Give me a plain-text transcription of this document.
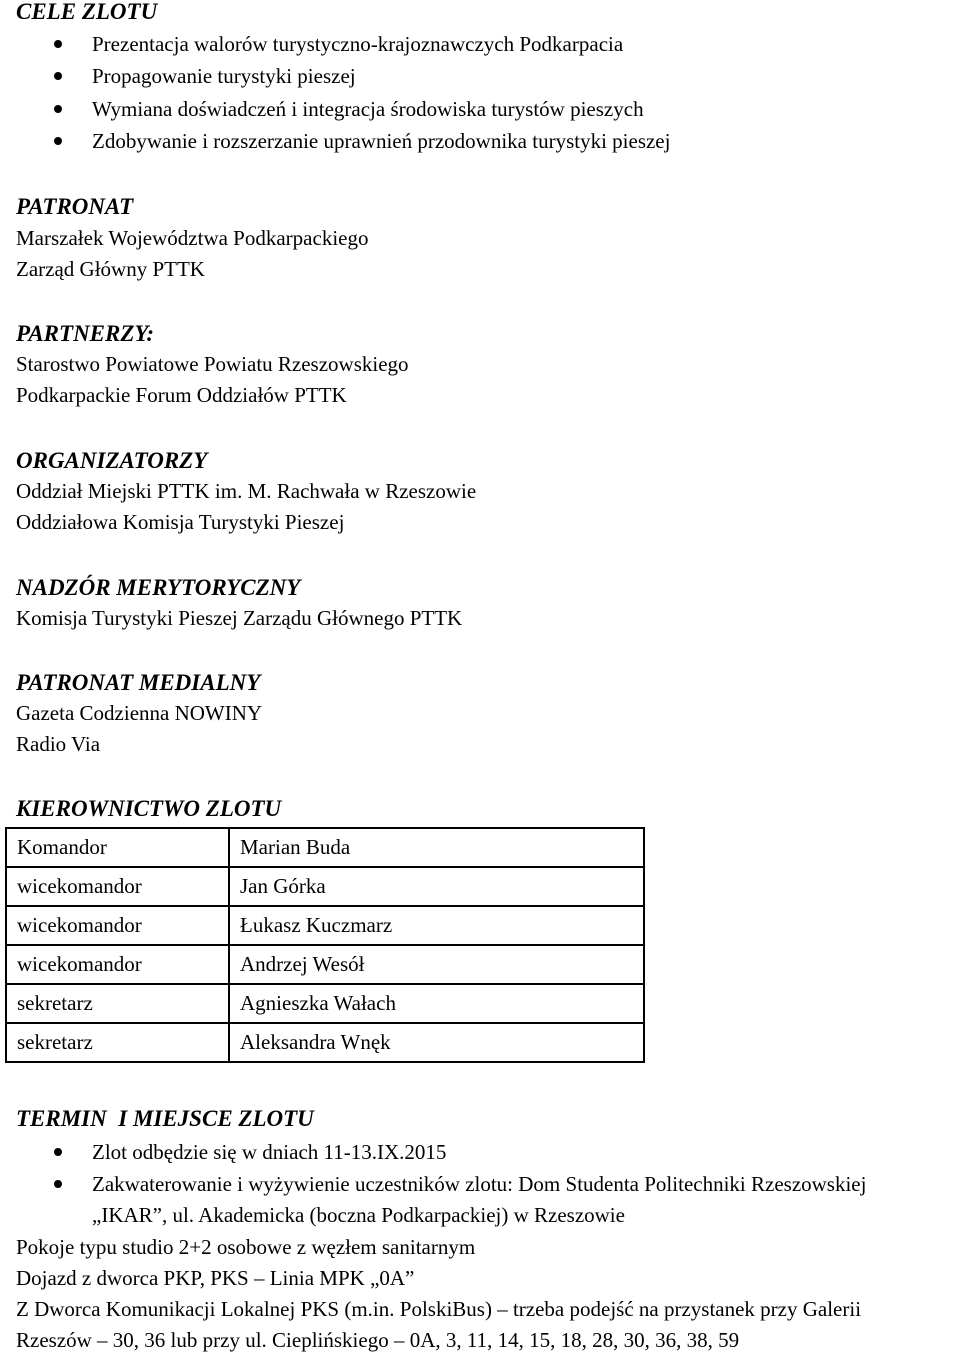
CELE ZLOTU
Prezentacja walorów turystyczno-krajoznawczych Podkarpacia
Propagowanie turystyki pieszej
Wymiana doświadczeń i integracja środowiska turystów pieszych
Zdobywanie i rozszerzanie uprawnień przodownika turystyki pieszej
PATRONAT
Marszałek Województwa Podkarpackiego
Zarząd Główny PTTK
PARTNERZY:
Starostwo Powiatowe Powiatu Rzeszowskiego
Podkarpackie Forum Oddziałów PTTK
ORGANIZATORZY
Oddział Miejski PTTK im. M. Rachwała w Rzeszowie
Oddziałowa Komisja Turystyki Pieszej
NADZÓR MERYTORYCZNY
Komisja Turystyki Pieszej Zarządu Głównego PTTK
PATRONAT MEDIALNY
Gazeta Codzienna NOWINY
Radio Via
KIEROWNICTWO ZLOTU
Komandor	Marian Buda
wicekomandor	Jan Górka
wicekomandor	Łukasz Kuczmarz
wicekomandor	Andrzej Wesół
sekretarz	Agnieszka Wałach
sekretarz	Aleksandra Wnęk
TERMIN  I MIEJSCE ZLOTU
Zlot odbędzie się w dniach 11-13.IX.2015
Zakwaterowanie i wyżywienie uczestników zlotu: Dom Studenta Politechniki Rzeszowskiej
„IKAR”, ul. Akademicka (boczna Podkarpackiej) w Rzeszowie
Pokoje typu studio 2+2 osobowe z węzłem sanitarnym
Dojazd z dworca PKP, PKS – Linia MPK „0A”
Z Dworca Komunikacji Lokalnej PKS (m.in. PolskiBus) – trzeba podejść na przystanek przy Galerii
Rzeszów – 30, 36 lub przy ul. Cieplińskiego – 0A, 3, 11, 14, 15, 18, 28, 30, 36, 38, 59
